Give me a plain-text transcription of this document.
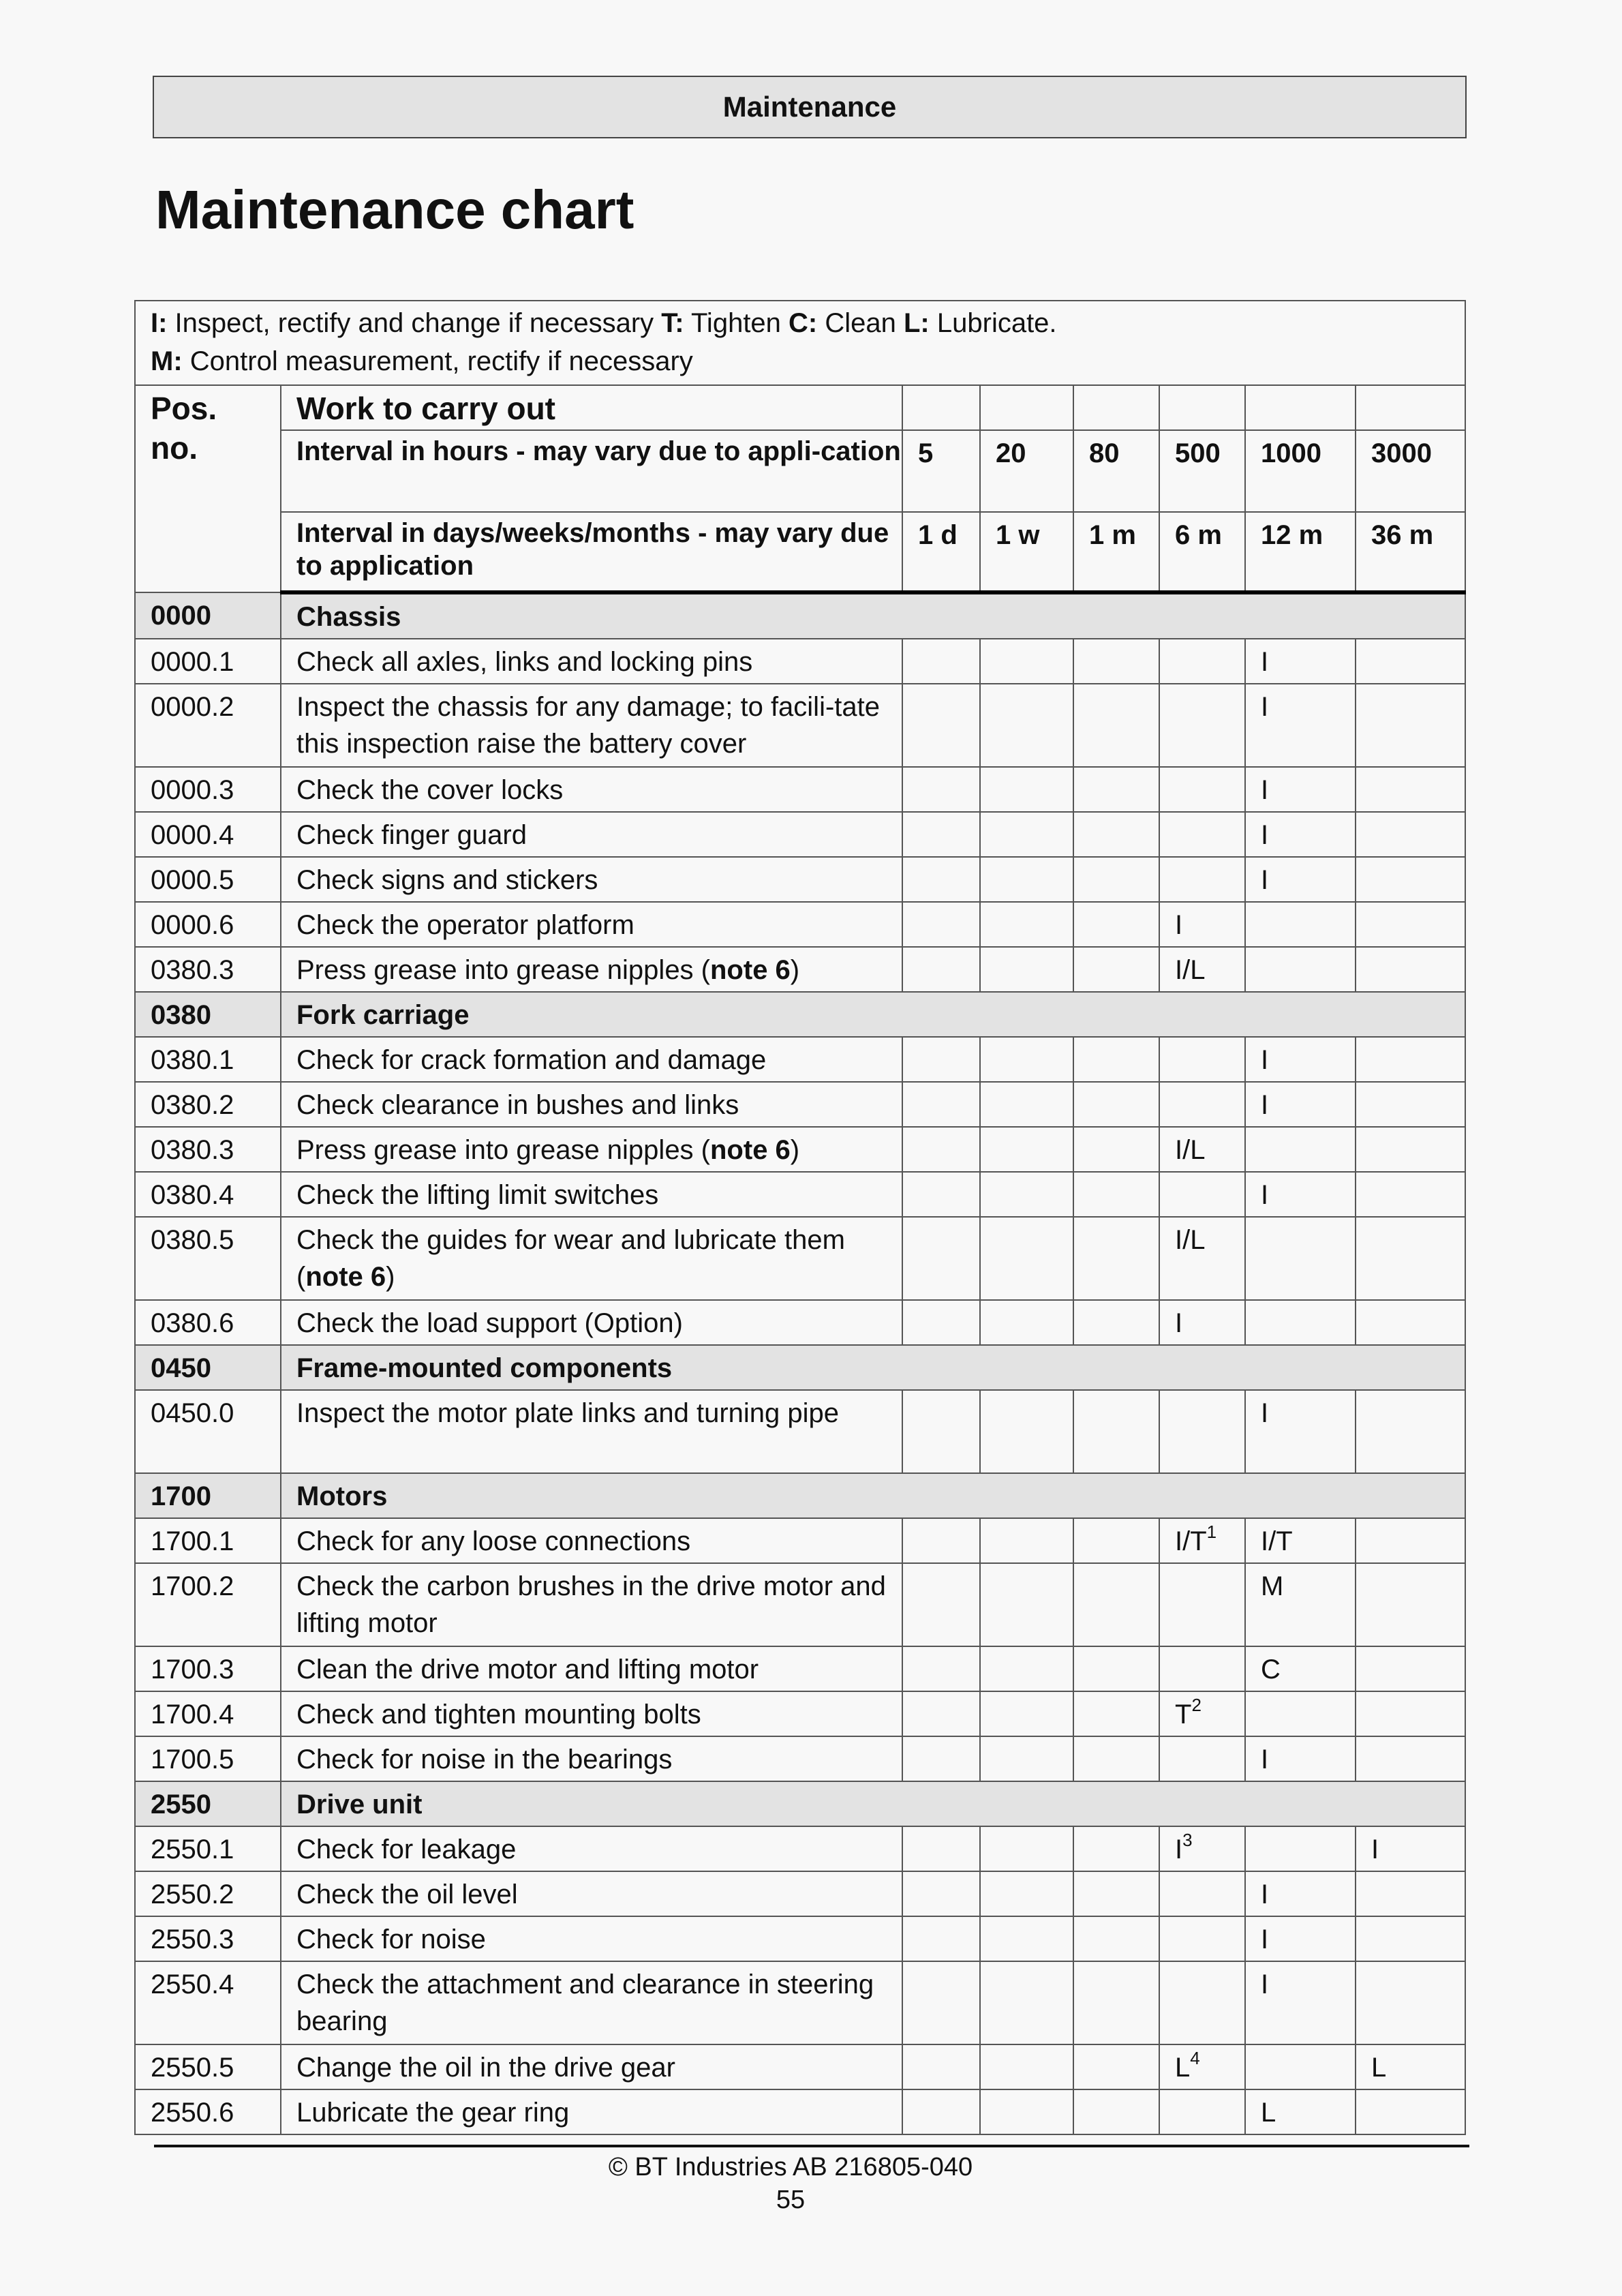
Maintenance
Maintenance chart
I: Inspect, rectify and change if necessary T: Tighten C: Clean L: Lubricate.
M: Control measurement, rectify if necessary							

Pos. no.	Work to carry out						
	Interval in hours - may vary due to appli-cation	5	20	80	500	1000	3000
	Interval in days/weeks/months - may vary due to application	1 d	1 w	1 m	6 m	12 m	36 m
0000	Chassis						
0000.1	Check all axles, links and locking pins					I	
0000.2	Inspect the chassis for any damage; to facili-tate this inspection raise the battery cover					I	
0000.3	Check the cover locks					I	
0000.4	Check finger guard					I	
0000.5	Check signs and stickers					I	
0000.6	Check the operator platform				I		
0380.3	Press grease into grease nipples (note 6)				I/L		
0380	Fork carriage						
0380.1	Check for crack formation and damage					I	
0380.2	Check clearance in bushes and links					I	
0380.3	Press grease into grease nipples (note 6)				I/L		
0380.4	Check the lifting limit switches					I	
0380.5	Check the guides for wear and lubricate them (note 6)				I/L		
0380.6	Check the load support (Option)				I		
0450	Frame-mounted components						
0450.0	Inspect the motor plate links and turning pipe					I	
1700	Motors						
1700.1	Check for any loose connections				$I/T^1$	I/T	
1700.2	Check the carbon brushes in the drive motor and lifting motor					M	
1700.3	Clean the drive motor and lifting motor					C	
1700.4	Check and tighten mounting bolts				$T^2$		
1700.5	Check for noise in the bearings					I	
2550	Drive unit						
2550.1	Check for leakage				$I^3$		I
2550.2	Check the oil level					I	
2550.3	Check for noise					I	
2550.4	Check the attachment and clearance in steering bearing					I	
2550.5	Change the oil in the drive gear				$L^4$		L
2550.6	Lubricate the gear ring					L	
© BT Industries AB 216805-040
55
